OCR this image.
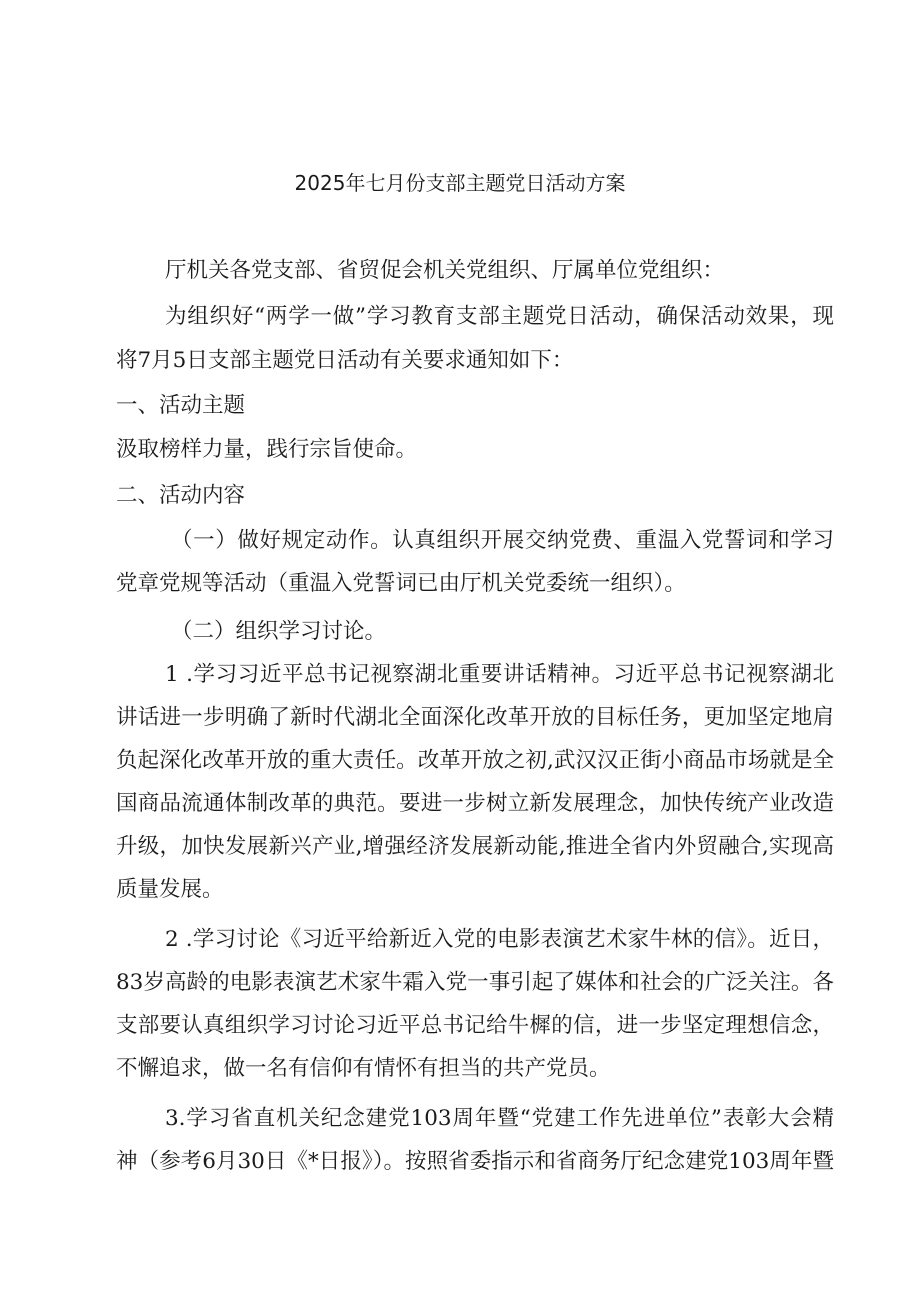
2025年七月份支部主题党日活动方案
厅机关各党支部、省贸促会机关党组织、厅属单位党组织：
为组织好“两学一做”学习教育支部主题党日活动，确保活动效果，现
将7月5日支部主题党日活动有关要求通知如下：
一、活动主题
汲取榜样力量，践行宗旨使命。
二、活动内容
（一）做好规定动作。认真组织开展交纳党费、重温入党誓词和学习
党章党规等活动（重温入党誓词已由厅机关党委统一组织）。
（二）组织学习讨论。
1 .学习习近平总书记视察湖北重要讲话精神。习近平总书记视察湖北
讲话进一步明确了新时代湖北全面深化改革开放的目标任务，更加坚定地肩
负起深化改革开放的重大责任。改革开放之初,武汉汉正街小商品市场就是全
国商品流通体制改革的典范。要进一步树立新发展理念，加快传统产业改造
升级，加快发展新兴产业,增强经济发展新动能,推进全省内外贸融合,实现高
质量发展。
2 .学习讨论《习近平给新近入党的电影表演艺术家牛林的信》。近日，
83岁高龄的电影表演艺术家牛霜入党一事引起了媒体和社会的广泛关注。各
支部要认真组织学习讨论习近平总书记给牛樨的信，进一步坚定理想信念，
不懈追求，做一名有信仰有情怀有担当的共产党员。
3.学习省直机关纪念建党103周年暨“党建工作先进单位”表彰大会精
神（参考6月30日《*日报》）。按照省委指示和省商务厅纪念建党103周年暨
